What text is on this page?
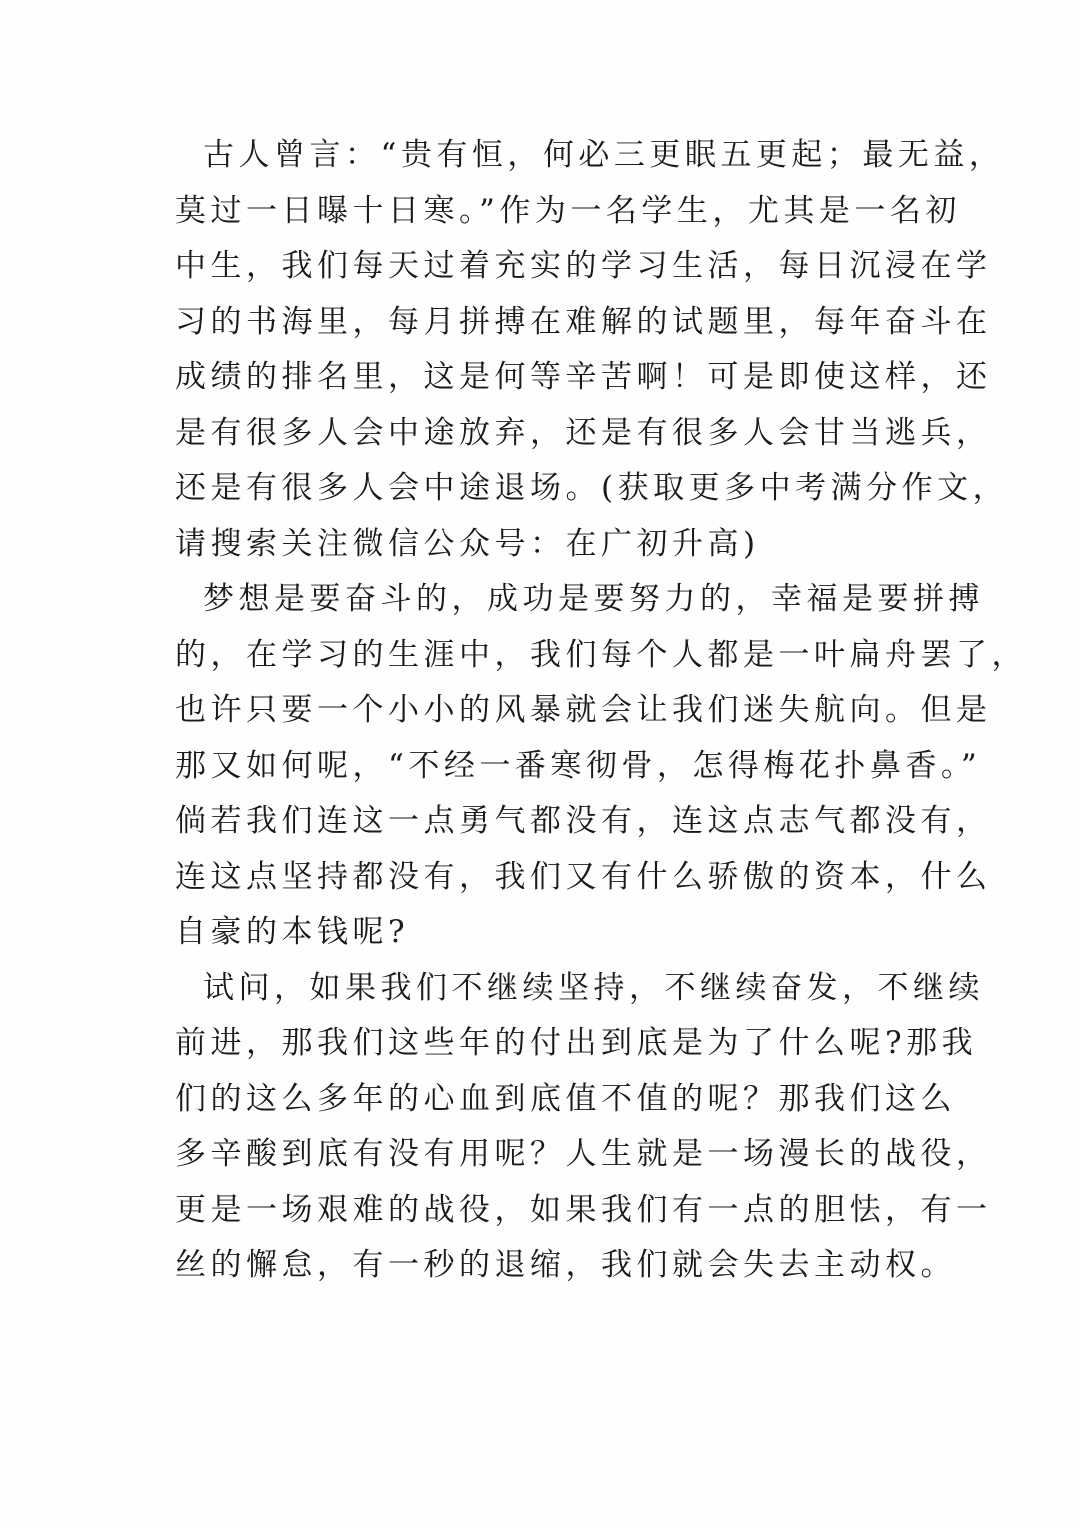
古人曾言：“贵有恒，何必三更眠五更起；最无益，
莫过一日曝十日寒。”作为一名学生，尤其是一名初
中生，我们每天过着充实的学习生活，每日沉浸在学
习的书海里，每月拼搏在难解的试题里，每年奋斗在
成绩的排名里，这是何等辛苦啊！可是即使这样，还
是有很多人会中途放弃，还是有很多人会甘当逃兵，
还是有很多人会中途退场。(获取更多中考满分作文，
请搜索关注微信公众号：在广初升高)
梦想是要奋斗的，成功是要努力的，幸福是要拼搏
的，在学习的生涯中，我们每个人都是一叶扁舟罢了，
也许只要一个小小的风暴就会让我们迷失航向。但是
那又如何呢，“不经一番寒彻骨，怎得梅花扑鼻香。”
倘若我们连这一点勇气都没有，连这点志气都没有，
连这点坚持都没有，我们又有什么骄傲的资本，什么
自豪的本钱呢?
试问，如果我们不继续坚持，不继续奋发，不继续
前进，那我们这些年的付出到底是为了什么呢?那我
们的这么多年的心血到底值不值的呢？那我们这么
多辛酸到底有没有用呢？人生就是一场漫长的战役，
更是一场艰难的战役，如果我们有一点的胆怯，有一
丝的懈怠，有一秒的退缩，我们就会失去主动权。
